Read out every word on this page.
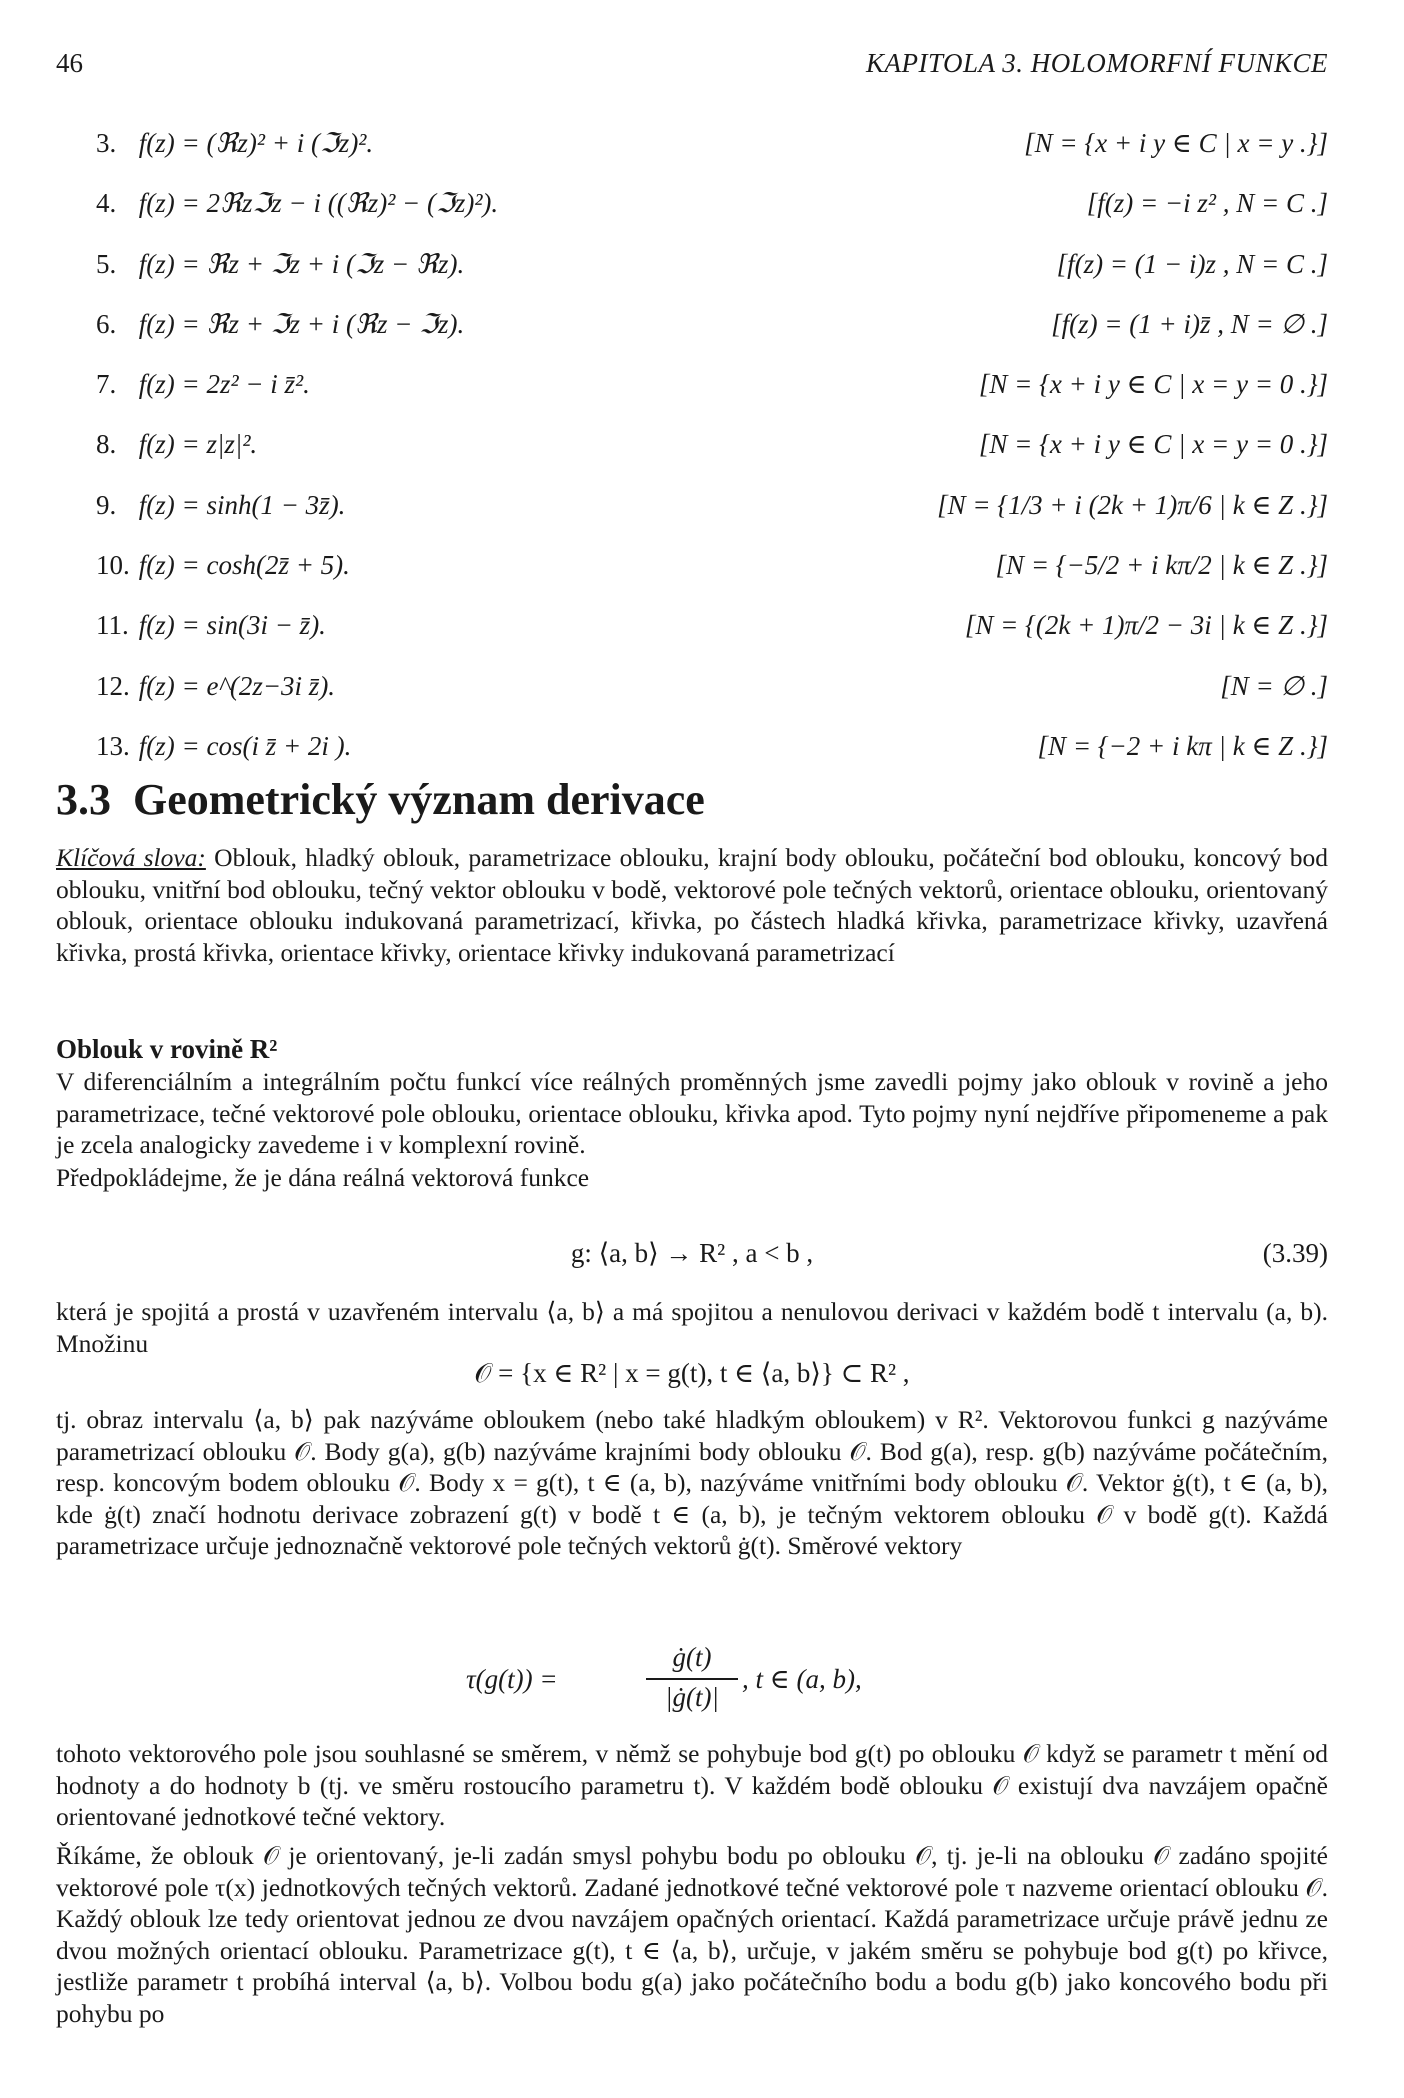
46	KAPITOLA 3. HOLOMORFNÍ FUNKCE
3. f(z) = (ℜz)² + i (ℑz)².	[N = {x + i y ∈ C | x = y .}]
4. f(z) = 2ℜzℑz − i ((ℜz)² − (ℑz)²).	[f(z) = −i z² , N = C .]
5. f(z) = ℜz + ℑz + i (ℑz − ℜz).	[f(z) = (1 − i)z , N = C .]
6. f(z) = ℜz + ℑz + i (ℜz − ℑz).	[f(z) = (1 + i)z̄ , N = ∅ .]
7. f(z) = 2z² − i z̄².	[N = {x + i y ∈ C | x = y = 0 .}]
8. f(z) = z|z|².	[N = {x + i y ∈ C | x = y = 0 .}]
9. f(z) = sinh(1 − 3z̄).	[N = {1/3 + i (2k + 1)π/6 | k ∈ Z .}]
10. f(z) = cosh(2z̄ + 5).	[N = {−5/2 + i kπ/2 | k ∈ Z .}]
11. f(z) = sin(3i − z̄).	[N = {(2k + 1)π/2 − 3i | k ∈ Z .}]
12. f(z) = e^(2z−3i z̄).	[N = ∅ .]
13. f(z) = cos(i z̄ + 2i ).	[N = {−2 + i kπ | k ∈ Z .}]
3.3 Geometrický význam derivace
Klíčová slova: Oblouk, hladký oblouk, parametrizace oblouku, krajní body oblouku, počáteční bod oblouku, koncový bod oblouku, vnitřní bod oblouku, tečný vektor oblouku v bodě, vektorové pole tečných vektorů, orientace oblouku, orientovaný oblouk, orientace oblouku indukovaná parametrizací, křivka, po částech hladká křivka, parametrizace křivky, uzavřená křivka, prostá křivka, orientace křivky, orientace křivky indukovaná parametrizací
Oblouk v rovině R²
V diferenciálním a integrálním počtu funkcí více reálných proměnných jsme zavedli pojmy jako oblouk v rovině a jeho parametrizace, tečné vektorové pole oblouku, orientace oblouku, křivka apod. Tyto pojmy nyní nejdříve připomeneme a pak je zcela analogicky zavedeme i v komplexní rovině.
Předpokládejme, že je dána reálná vektorová funkce
g: ⟨a, b⟩ → R² , a < b ,	(3.39)
která je spojitá a prostá v uzavřeném intervalu ⟨a, b⟩ a má spojitou a nenulovou derivaci v každém bodě t intervalu (a, b). Množinu
𝒪 = {x ∈ R² | x = g(t), t ∈ ⟨a, b⟩} ⊂ R² ,
tj. obraz intervalu ⟨a, b⟩ pak nazýváme obloukem (nebo také hladkým obloukem) v R². Vektorovou funkci g nazýváme parametrizací oblouku 𝒪. Body g(a), g(b) nazýváme krajními body oblouku 𝒪. Bod g(a), resp. g(b) nazýváme počátečním, resp. koncovým bodem oblouku 𝒪. Body x = g(t), t ∈ (a, b), nazýváme vnitřními body oblouku 𝒪. Vektor ġ(t), t ∈ (a, b), kde ġ(t) značí hodnotu derivace zobrazení g(t) v bodě t ∈ (a, b), je tečným vektorem oblouku 𝒪 v bodě g(t). Každá parametrizace určuje jednoznačně vektorové pole tečných vektorů ġ(t). Směrové vektory
τ(g(t)) =
ġ(t)
|ġ(t)|
, t ∈ (a, b),
tohoto vektorového pole jsou souhlasné se směrem, v němž se pohybuje bod g(t) po oblouku 𝒪 když se parametr t mění od hodnoty a do hodnoty b (tj. ve směru rostoucího parametru t). V každém bodě oblouku 𝒪 existují dva navzájem opačně orientované jednotkové tečné vektory.
Říkáme, že oblouk 𝒪 je orientovaný, je-li zadán smysl pohybu bodu po oblouku 𝒪, tj. je-li na oblouku 𝒪 zadáno spojité vektorové pole τ(x) jednotkových tečných vektorů. Zadané jednotkové tečné vektorové pole τ nazveme orientací oblouku 𝒪. Každý oblouk lze tedy orientovat jednou ze dvou navzájem opačných orientací. Každá parametrizace určuje právě jednu ze dvou možných orientací oblouku. Parametrizace g(t), t ∈ ⟨a, b⟩, určuje, v jakém směru se pohybuje bod g(t) po křivce, jestliže parametr t probíhá interval ⟨a, b⟩. Volbou bodu g(a) jako počátečního bodu a bodu g(b) jako koncového bodu při pohybu po
